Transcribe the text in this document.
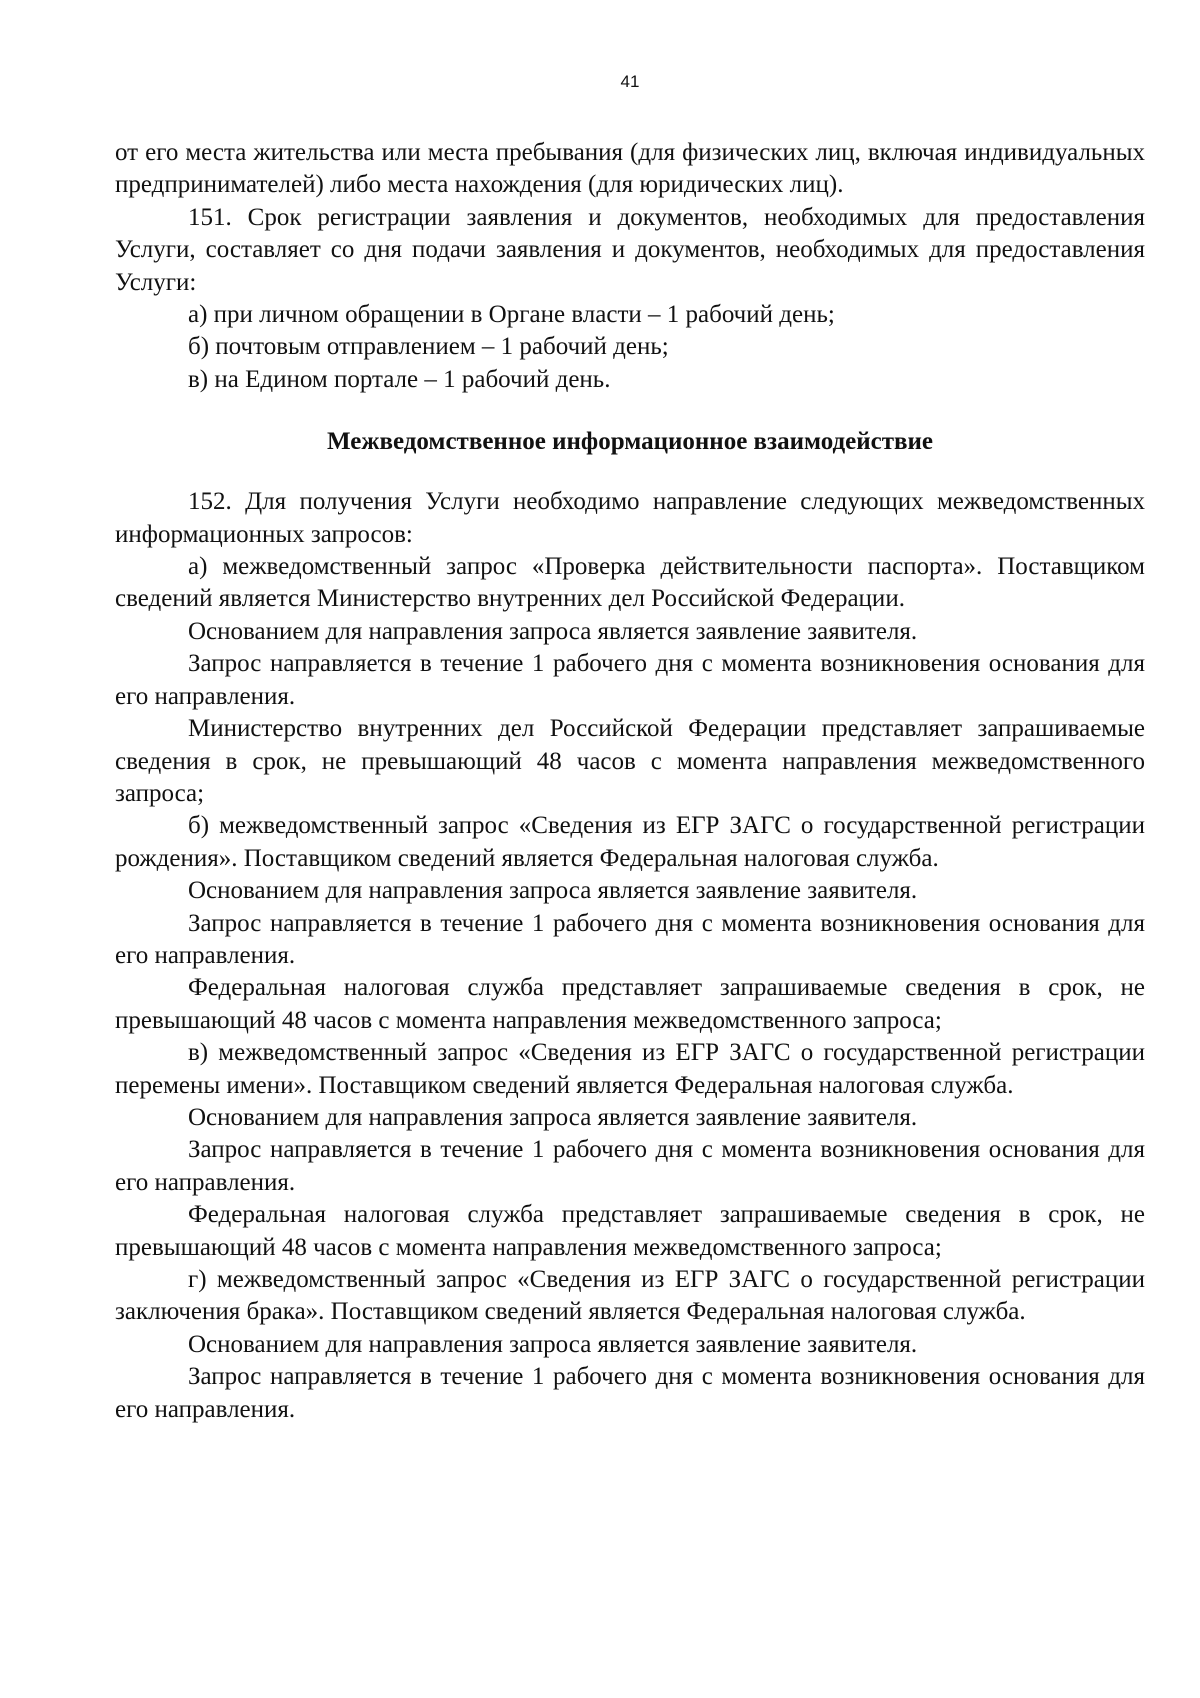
41

от его места жительства или места пребывания (для физических лиц, включая индивидуальных предпринимателей) либо места нахождения (для юридических лиц).

151. Срок регистрации заявления и документов, необходимых для предоставления Услуги, составляет со дня подачи заявления и документов, необходимых для предоставления Услуги:

а) при личном обращении в Органе власти – 1 рабочий день;

б) почтовым отправлением – 1 рабочий день;

в) на Едином портале – 1 рабочий день.

Межведомственное информационное взаимодействие

152. Для получения Услуги необходимо направление следующих межведомственных информационных запросов:

а) межведомственный запрос «Проверка действительности паспорта». Поставщиком сведений является Министерство внутренних дел Российской Федерации.

Основанием для направления запроса является заявление заявителя.

Запрос направляется в течение 1 рабочего дня с момента возникновения основания для его направления.

Министерство внутренних дел Российской Федерации представляет запрашиваемые сведения в срок, не превышающий 48 часов с момента направления межведомственного запроса;

б) межведомственный запрос «Сведения из ЕГР ЗАГС о государственной регистрации рождения». Поставщиком сведений является Федеральная налоговая служба.

Основанием для направления запроса является заявление заявителя.

Запрос направляется в течение 1 рабочего дня с момента возникновения основания для его направления.

Федеральная налоговая служба представляет запрашиваемые сведения в срок, не превышающий 48 часов с момента направления межведомственного запроса;

в) межведомственный запрос «Сведения из ЕГР ЗАГС о государственной регистрации перемены имени». Поставщиком сведений является Федеральная налоговая служба.

Основанием для направления запроса является заявление заявителя.

Запрос направляется в течение 1 рабочего дня с момента возникновения основания для его направления.

Федеральная налоговая служба представляет запрашиваемые сведения в срок, не превышающий 48 часов с момента направления межведомственного запроса;

г) межведомственный запрос «Сведения из ЕГР ЗАГС о государственной регистрации заключения брака». Поставщиком сведений является Федеральная налоговая служба.

Основанием для направления запроса является заявление заявителя.

Запрос направляется в течение 1 рабочего дня с момента возникновения основания для его направления.
